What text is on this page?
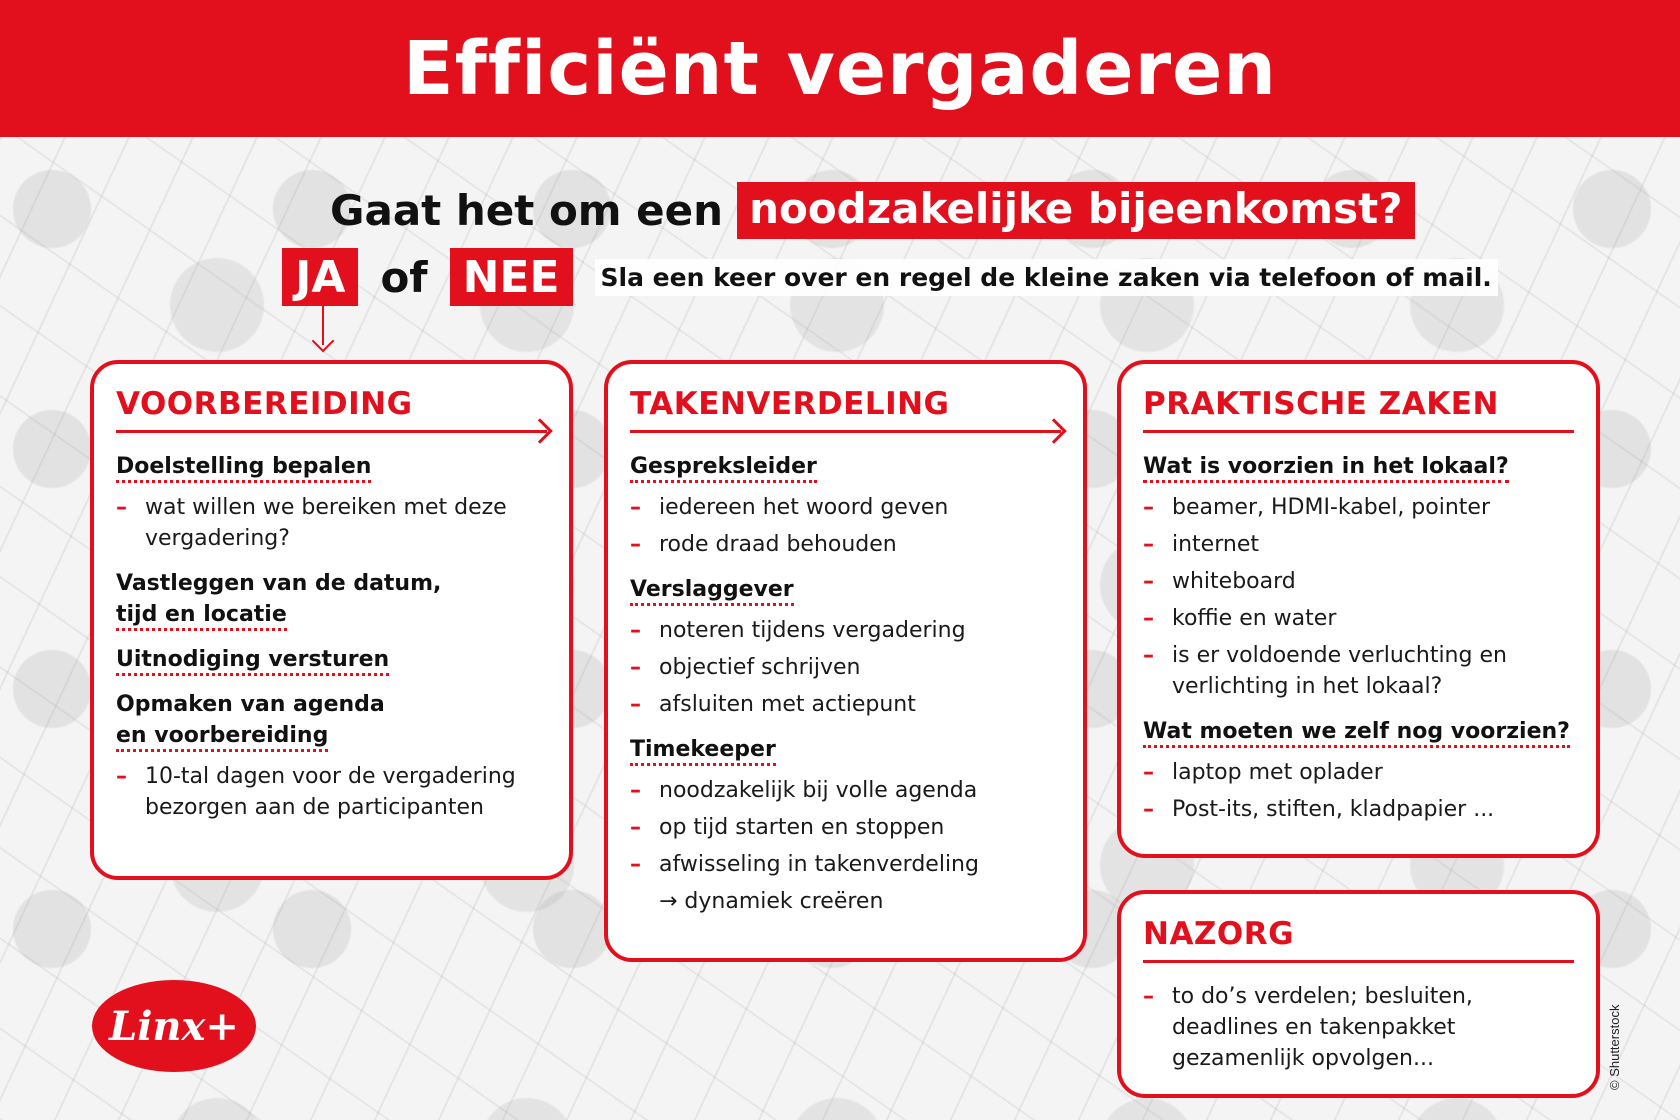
Efficiënt vergaderen
Gaat het om een noodzakelijke bijeenkomst?
JA of NEE	Sla een keer over en regel de kleine zaken via telefoon of mail.
VOORBEREIDING
Doelstelling bepalen
– wat willen we bereiken met deze vergadering?
Vastleggen van de datum,
tijd en locatie
Uitnodiging versturen
Opmaken van agenda
en voorbereiding
– 10-tal dagen voor de vergadering bezorgen aan de participanten
TAKENVERDELING
Gespreksleider
– iedereen het woord geven
– rode draad behouden
Verslaggever
– noteren tijdens vergadering
– objectief schrijven
– afsluiten met actiepunt
Timekeeper
– noodzakelijk bij volle agenda
– op tijd starten en stoppen
– afwisseling in takenverdeling
→ dynamiek creëren
PRAKTISCHE ZAKEN
Wat is voorzien in het lokaal?
– beamer, HDMI-kabel, pointer
– internet
– whiteboard
– koffie en water
– is er voldoende verluchting en verlichting in het lokaal?
Wat moeten we zelf nog voorzien?
– laptop met oplader
– Post-its, stiften, kladpapier ...
NAZORG
– to do’s verdelen; besluiten, deadlines en takenpakket gezamenlijk opvolgen...
Linx+	© Shutterstock
